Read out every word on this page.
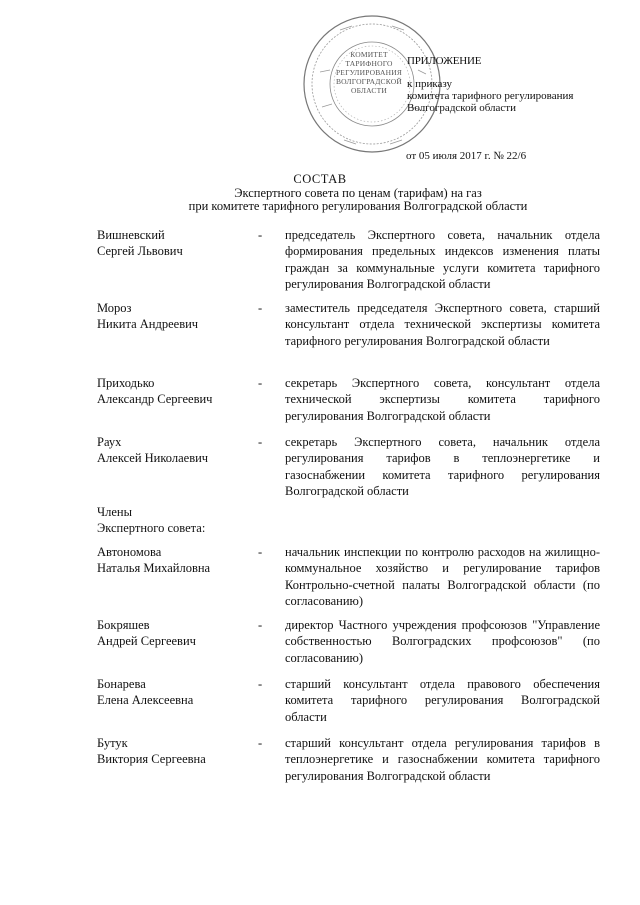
КОМИТЕТ
ТАРИФНОГО
РЕГУЛИРОВАНИЯ
ВОЛГОГРАДСКОЙ
ОБЛАСТИ
ПРИЛОЖЕНИЕ
к приказу
комитета тарифного регулирования
Волгоградской области
от 05 июля 2017 г. № 22/6
СОСТАВ
Экспертного совета по ценам (тарифам) на газ
при комитете тарифного регулирования Волгоградской области
Вишневский
Сергей Львович
- председатель Экспертного совета, начальник отдела формирования предельных индексов изменения платы граждан за коммунальные услуги комитета тарифного регулирования Волгоградской области
Мороз
Никита Андреевич
- заместитель председателя Экспертного совета, старший консультант отдела технической экспертизы комитета тарифного регулирования Волгоградской области
Приходько
Александр Сергеевич
- секретарь Экспертного совета, консультант отдела технической экспертизы комитета тарифного регулирования Волгоградской области
Раух
Алексей Николаевич
- секретарь Экспертного совета, начальник отдела регулирования тарифов в теплоэнергетике и газоснабжении комитета тарифного регулирования Волгоградской области
Члены
Экспертного совета:
Автономова
Наталья Михайловна
- начальник инспекции по контролю расходов на жилищно-коммунальное хозяйство и регулирование тарифов Контрольно-счетной палаты Волгоградской области (по согласованию)
Бокряшев
Андрей Сергеевич
- директор Частного учреждения профсоюзов "Управление собственностью Волгоградских профсоюзов" (по согласованию)
Бонарева
Елена Алексеевна
- старший консультант отдела правового обеспечения комитета тарифного регулирования Волгоградской области
Бутук
Виктория Сергеевна
- старший консультант отдела регулирования тарифов в теплоэнергетике и газоснабжении комитета тарифного регулирования Волгоградской области
